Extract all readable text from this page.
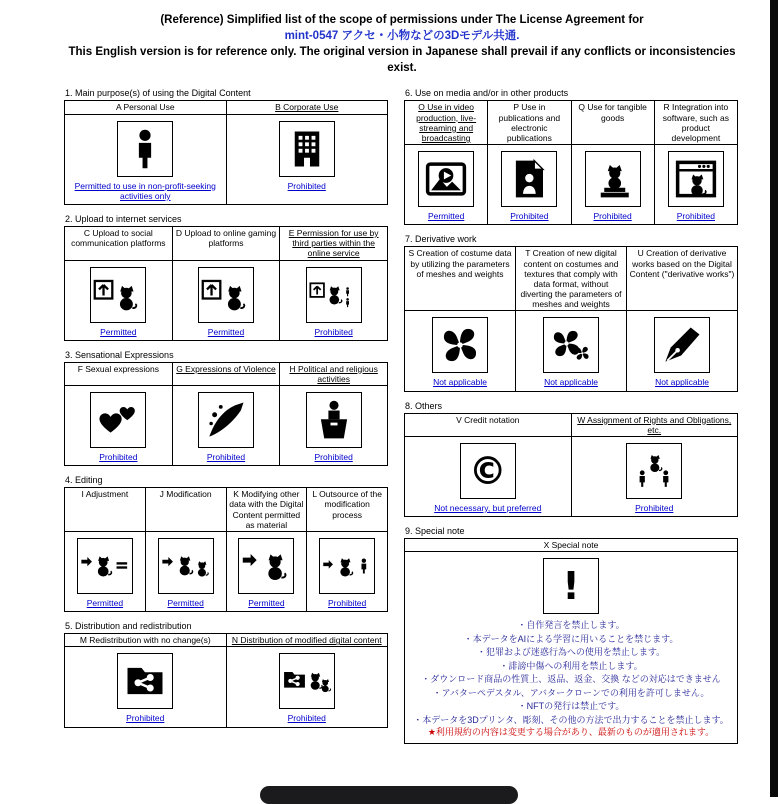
(Reference) Simplified list of the scope of permissions under The License Agreement for
mint-0547 アクセ・小物などの3Dモデル共通.
This English version is for reference only. The original version in Japanese shall prevail if any conflicts or inconsistencies exist.
1. Main purpose(s) of using the Digital Content
A Personal Use	B Corporate Use

Permitted to use in non-profit-seeking activities only	Prohibited
2. Upload to internet services
C Upload to social communication platforms	D Upload to online gaming platforms	E Permission for use by third parties within the online service

Permitted	Permitted	Prohibited
3. Sensational Expressions
F Sexual expressions	G Expressions of Violence	H Political and religious activities

Prohibited	Prohibited	Prohibited
4. Editing
I Adjustment	J Modification	K Modifying other data with the Digital Content permitted as material	L Outsource of the modification process

Permitted	Permitted	Permitted	Prohibited
5. Distribution and redistribution
M Redistribution with no change(s)	N Distribution of modified digital content

Prohibited	Prohibited
6. Use on media and/or in other products
O Use in video production, live-streaming and broadcasting	P Use in publications and electronic publications	Q Use for tangible goods	R Integration into software, such as product development

Permitted	Prohibited	Prohibited	Prohibited
7. Derivative work
S Creation of costume data by utilizing the parameters of meshes and weights	T Creation of new digital content on costumes and textures that comply with data format, without diverting the parameters of meshes and weights	U Creation of derivative works based on the Digital Content ("derivative works")

Not applicable	Not applicable	Not applicable
8. Others
V Credit notation	W Assignment of Rights and Obligations, etc.

©
Not necessary, but preferred	Prohibited
9. Special note
X Special note

!
・自作発言を禁止します。
・本データをAIによる学習に用いることを禁じます。
・犯罪および迷惑行為への使用を禁止します。
・誹謗中傷への利用を禁止します。
・ダウンロード商品の性質上、返品、返金、交換 などの対応はできません
・アバターペデスタル、アバタークローンでの利用を許可しません。
・NFTの発行は禁止です。
・本データを3Dプリンタ、彫刻、その他の方法で出力することを禁止します。
★利用規約の内容は変更する場合があり、最新のものが適用されます。
